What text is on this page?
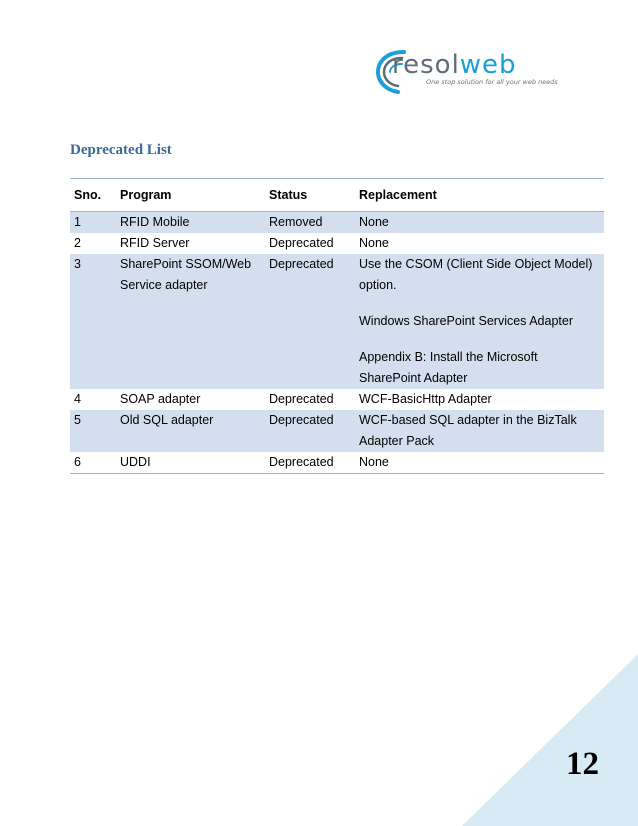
resolweb
One stop solution for all your web needs
Deprecated List
Sno.	Program	Status	Replacement
1	RFID Mobile	Removed	None

2	RFID Server	Deprecated	None

3	SharePoint SSOM/Web Service adapter	Deprecated	Use the CSOM (Client Side Object Model) option.
Windows SharePoint Services Adapter
Appendix B: Install the Microsoft SharePoint Adapter

4	SOAP adapter	Deprecated	WCF-BasicHttp Adapter

5	Old SQL adapter	Deprecated	WCF-based SQL adapter in the BizTalk Adapter Pack

6	UDDI	Deprecated	None
12
